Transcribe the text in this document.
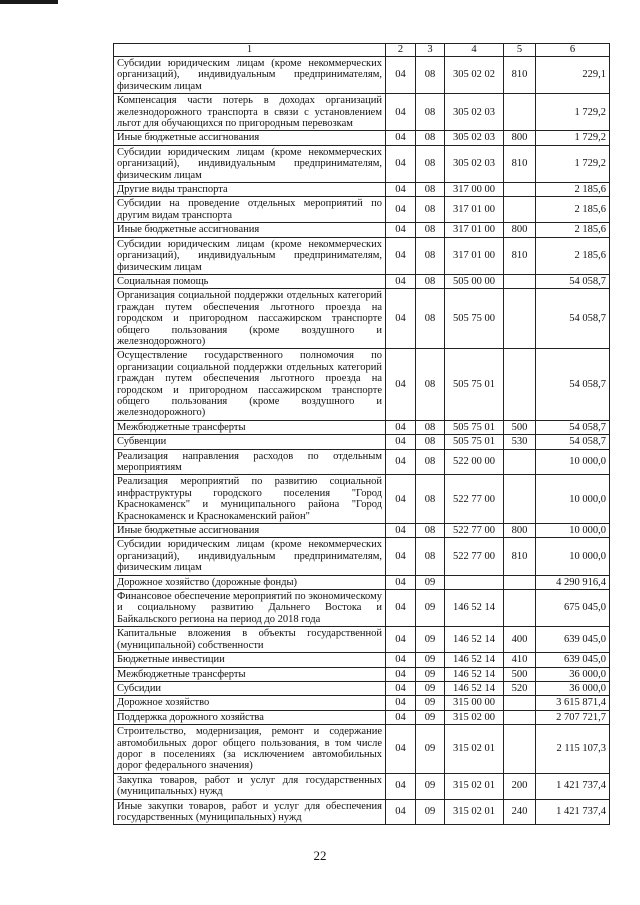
1	2	3	4	5	6
Субсидии юридическим лицам (кроме некоммерческих организаций), индивидуальным предпринимателям, физическим лицам	04	08	305 02 02	810	229,1
Компенсация части потерь в доходах организаций железнодорожного транспорта в связи с установлением льгот для обучающихся по пригородным перевозкам	04	08	305 02 03		1 729,2
Иные бюджетные ассигнования	04	08	305 02 03	800	1 729,2
Субсидии юридическим лицам (кроме некоммерческих организаций), индивидуальным предпринимателям, физическим лицам	04	08	305 02 03	810	1 729,2
Другие виды транспорта	04	08	317 00 00		2 185,6
Субсидии на проведение отдельных мероприятий по другим видам транспорта	04	08	317 01 00		2 185,6
Иные бюджетные ассигнования	04	08	317 01 00	800	2 185,6
Субсидии юридическим лицам (кроме некоммерческих организаций), индивидуальным предпринимателям, физическим лицам	04	08	317 01 00	810	2 185,6
Социальная помощь	04	08	505 00 00		54 058,7
Организация социальной поддержки отдельных категорий граждан путем обеспечения льготного проезда на городском и пригородном пассажирском транспорте общего пользования (кроме воздушного и железнодорожного)	04	08	505 75 00		54 058,7
Осуществление государственного полномочия по организации социальной поддержки отдельных категорий граждан путем обеспечения льготного проезда на городском и пригородном пассажирском транспорте общего пользования (кроме воздушного и железнодорожного)	04	08	505 75 01		54 058,7
Межбюджетные трансферты	04	08	505 75 01	500	54 058,7
Субвенции	04	08	505 75 01	530	54 058,7
Реализация направления расходов по отдельным мероприятиям	04	08	522 00 00		10 000,0
Реализация мероприятий по развитию социальной инфраструктуры городского поселения "Город Краснокаменск" и муниципального района "Город Краснокаменск и Краснокаменский район"	04	08	522 77 00		10 000,0
Иные бюджетные ассигнования	04	08	522 77 00	800	10 000,0
Субсидии юридическим лицам (кроме некоммерческих организаций), индивидуальным предпринимателям, физическим лицам	04	08	522 77 00	810	10 000,0
Дорожное хозяйство (дорожные фонды)	04	09			4 290 916,4
Финансовое обеспечение мероприятий по экономическому и социальному развитию Дальнего Востока и Байкальского региона на период до 2018 года	04	09	146 52 14		675 045,0
Капитальные вложения в объекты государственной (муниципальной) собственности	04	09	146 52 14	400	639 045,0
Бюджетные инвестиции	04	09	146 52 14	410	639 045,0
Межбюджетные трансферты	04	09	146 52 14	500	36 000,0
Субсидии	04	09	146 52 14	520	36 000,0
Дорожное хозяйство	04	09	315 00 00		3 615 871,4
Поддержка дорожного хозяйства	04	09	315 02 00		2 707 721,7
Строительство, модернизация, ремонт и содержание автомобильных дорог общего пользования, в том числе дорог в поселениях (за исключением автомобильных дорог федерального значения)	04	09	315 02 01		2 115 107,3
Закупка товаров, работ и услуг для государственных (муниципальных) нужд	04	09	315 02 01	200	1 421 737,4
Иные закупки товаров, работ и услуг для обеспечения государственных (муниципальных) нужд	04	09	315 02 01	240	1 421 737,4
22
